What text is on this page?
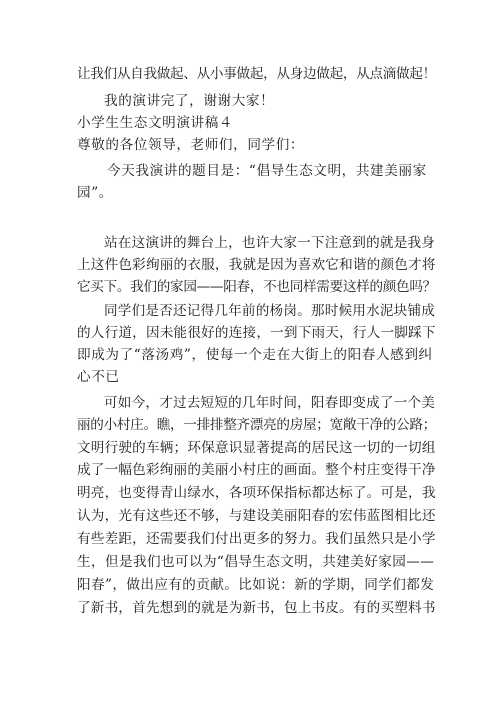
让我们从自我做起、从小事做起，从身边做起，从点滴做起！
我的演讲完了，谢谢大家！
小学生生态文明演讲稿４
尊敬的各位领导，老师们，同学们：
今天我演讲的题目是：“倡导生态文明，共建美丽家
园”。
站在这演讲的舞台上，也许大家一下注意到的就是我身
上这件色彩绚丽的衣服，我就是因为喜欢它和谐的颜色才将
它买下。我们的家园——阳春，不也同样需要这样的颜色吗？
同学们是否还记得几年前的杨岗。那时候用水泥块铺成
的人行道，因未能很好的连接，一到下雨天，行人一脚踩下
即成为了“落汤鸡”，使每一个走在大街上的阳春人感到纠
心不已
可如今，才过去短短的几年时间，阳春即变成了一个美
丽的小村庄。瞧，一排排整齐漂亮的房屋；宽敞干净的公路；
文明行驶的车辆；环保意识显著提高的居民这一切的一切组
成了一幅色彩绚丽的美丽小村庄的画面。整个村庄变得干净
明亮，也变得青山绿水，各项环保指标都达标了。可是，我
认为，光有这些还不够，与建设美丽阳春的宏伟蓝图相比还
有些差距，还需要我们付出更多的努力。我们虽然只是小学
生，但是我们也可以为“倡导生态文明，共建美好家园——
阳春”，做出应有的贡献。比如说：新的学期，同学们都发
了新书，首先想到的就是为新书，包上书皮。有的买塑料书
